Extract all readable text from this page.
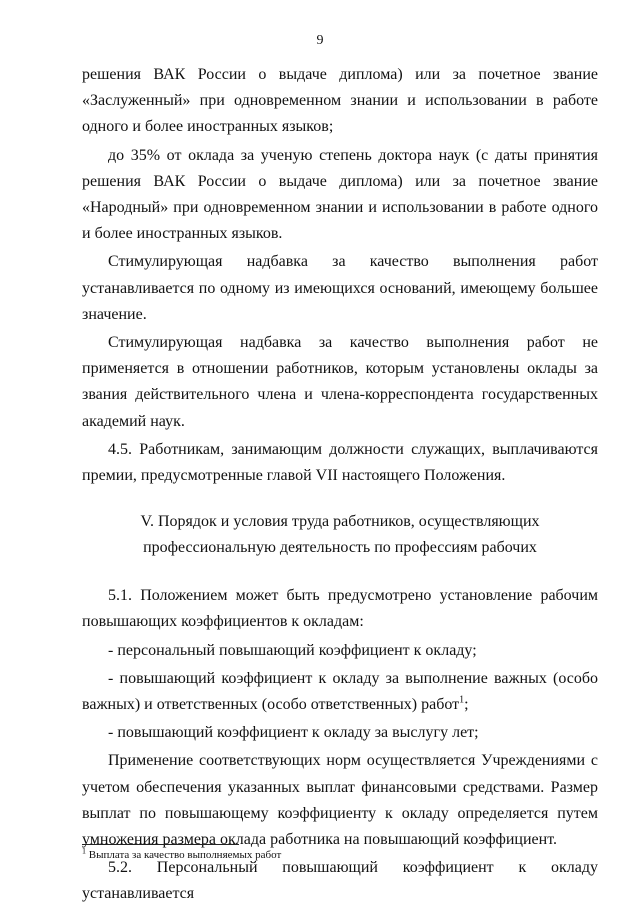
9

решения ВАК России о выдаче диплома) или за почетное звание «Заслуженный» при одновременном знании и использовании в работе одного и более иностранных языков;

до 35% от оклада за ученую степень доктора наук (с даты принятия решения ВАК России о выдаче диплома) или за почетное звание «Народный» при одновременном знании и использовании в работе одного и более иностранных языков.

Стимулирующая надбавка за качество выполнения работ устанавливается по одному из имеющихся оснований, имеющему большее значение.

Стимулирующая надбавка за качество выполнения работ не применяется в отношении работников, которым установлены оклады за звания действительного члена и члена-корреспондента государственных академий наук.

4.5. Работникам, занимающим должности служащих, выплачиваются премии, предусмотренные главой VII настоящего Положения.

V. Порядок и условия труда работников, осуществляющих
профессиональную деятельность по профессиям рабочих

5.1. Положением может быть предусмотрено установление рабочим повышающих коэффициентов к окладам:

- персональный повышающий коэффициент к окладу;

- повышающий коэффициент к окладу за выполнение важных (особо важных) и ответственных (особо ответственных) работ$^1$;

- повышающий коэффициент к окладу за выслугу лет;

Применение соответствующих норм осуществляется Учреждениями с учетом обеспечения указанных выплат финансовыми средствами. Размер выплат по повышающему коэффициенту к окладу определяется путем умножения размера оклада работника на повышающий коэффициент.

5.2. Персональный повышающий коэффициент к окладу устанавливается

$^1$ Выплата за качество выполняемых работ
